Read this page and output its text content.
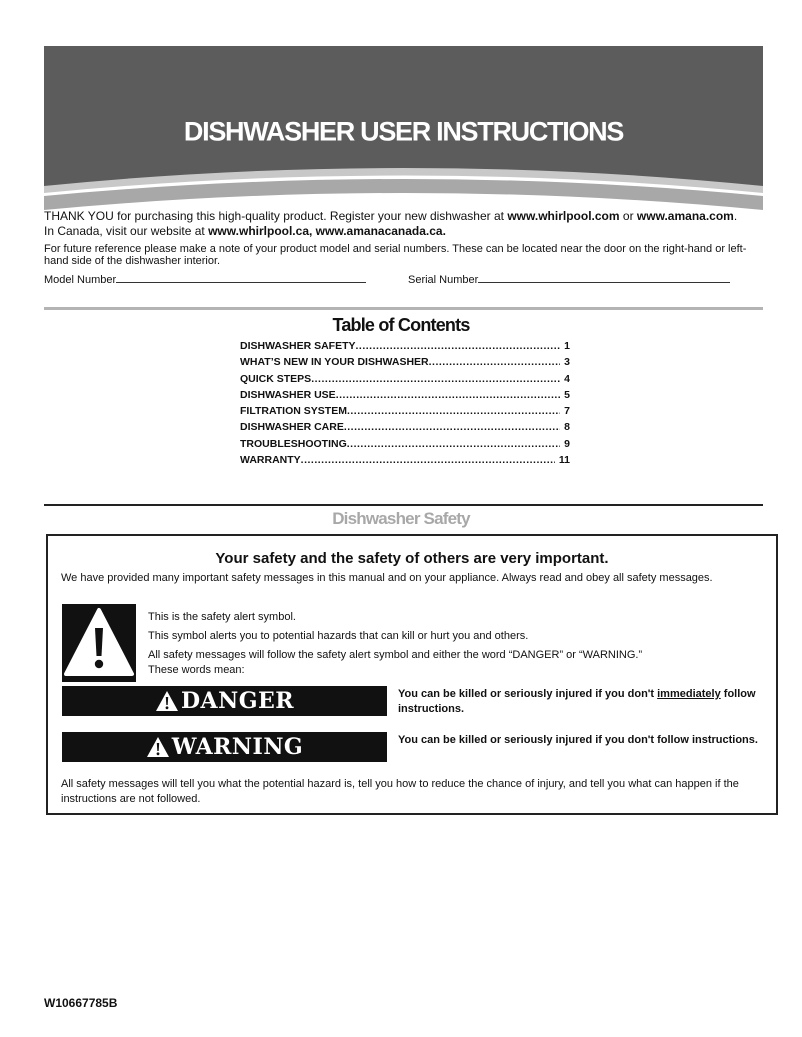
DISHWASHER USER INSTRUCTIONS
THANK YOU for purchasing this high-quality product. Register your new dishwasher at www.whirlpool.com or www.amana.com.
In Canada, visit our website at www.whirlpool.ca, www.amanacanada.ca.
For future reference please make a note of your product model and serial numbers. These can be located near the door on the right-hand or left-hand side of the dishwasher interior.
Model Number	Serial Number
Table of Contents
DISHWASHER SAFETY .....	1
WHAT’S NEW IN YOUR DISHWASHER .....	3
QUICK STEPS .....	4
DISHWASHER USE .....	5
FILTRATION SYSTEM .....	7
DISHWASHER CARE .....	8
TROUBLESHOOTING .....	9
WARRANTY .....	11
Dishwasher Safety
Your safety and the safety of others are very important.
We have provided many important safety messages in this manual and on your appliance. Always read and obey all safety messages.
This is the safety alert symbol.
This symbol alerts you to potential hazards that can kill or hurt you and others.
All safety messages will follow the safety alert symbol and either the word “DANGER” or “WARNING.”
These words mean:
DANGER	You can be killed or seriously injured if you don't immediately follow instructions.
WARNING	You can be killed or seriously injured if you don't follow instructions.
All safety messages will tell you what the potential hazard is, tell you how to reduce the chance of injury, and tell you what can happen if the instructions are not followed.
W10667785B
